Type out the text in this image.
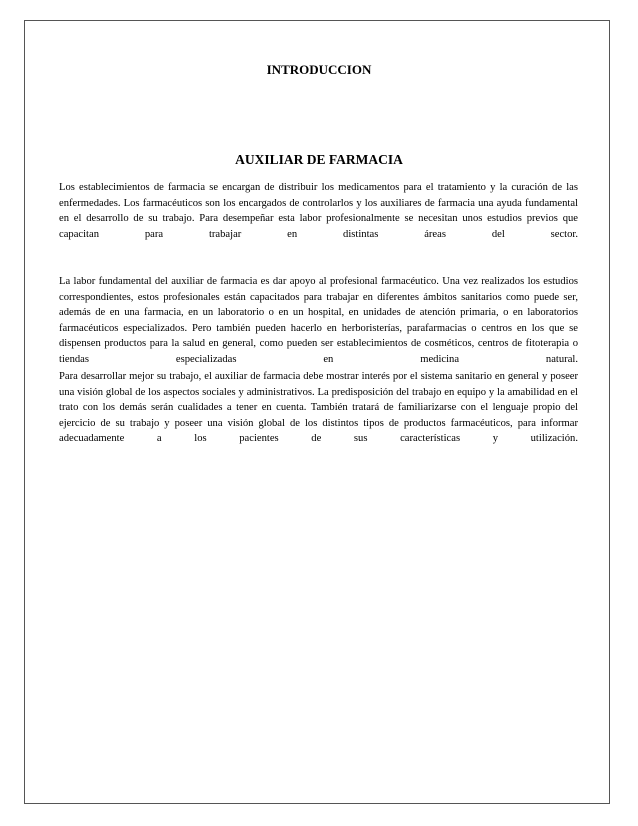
INTRODUCCION
AUXILIAR DE FARMACIA

Los establecimientos de farmacia se encargan de distribuir los medicamentos para el tratamiento y la curación de las enfermedades. Los farmacéuticos son los encargados de controlarlos y los auxiliares de farmacia una ayuda fundamental en el desarrollo de su trabajo. Para desempeñar esta labor profesionalmente se necesitan unos estudios previos que capacitan para trabajar en distintas áreas del sector.

La labor fundamental del auxiliar de farmacia es dar apoyo al profesional farmacéutico. Una vez realizados los estudios correspondientes, estos profesionales están capacitados para trabajar en diferentes ámbitos sanitarios como puede ser, además de en una farmacia, en un laboratorio o en un hospital, en unidades de atención primaria, o en laboratorios farmacéuticos especializados. Pero también pueden hacerlo en herboristerías, parafarmacias o centros en los que se dispensen productos para la salud en general, como pueden ser establecimientos de cosméticos, centros de fitoterapia o tiendas especializadas en medicina natural.

Para desarrollar mejor su trabajo, el auxiliar de farmacia debe mostrar interés por el sistema sanitario en general y poseer una visión global de los aspectos sociales y administrativos. La predisposición del trabajo en equipo y la amabilidad en el trato con los demás serán cualidades a tener en cuenta. También tratará de familiarizarse con el lenguaje propio del ejercicio de su trabajo y poseer una visión global de los distintos tipos de productos farmacéuticos, para informar adecuadamente a los pacientes de sus características y utilización.
